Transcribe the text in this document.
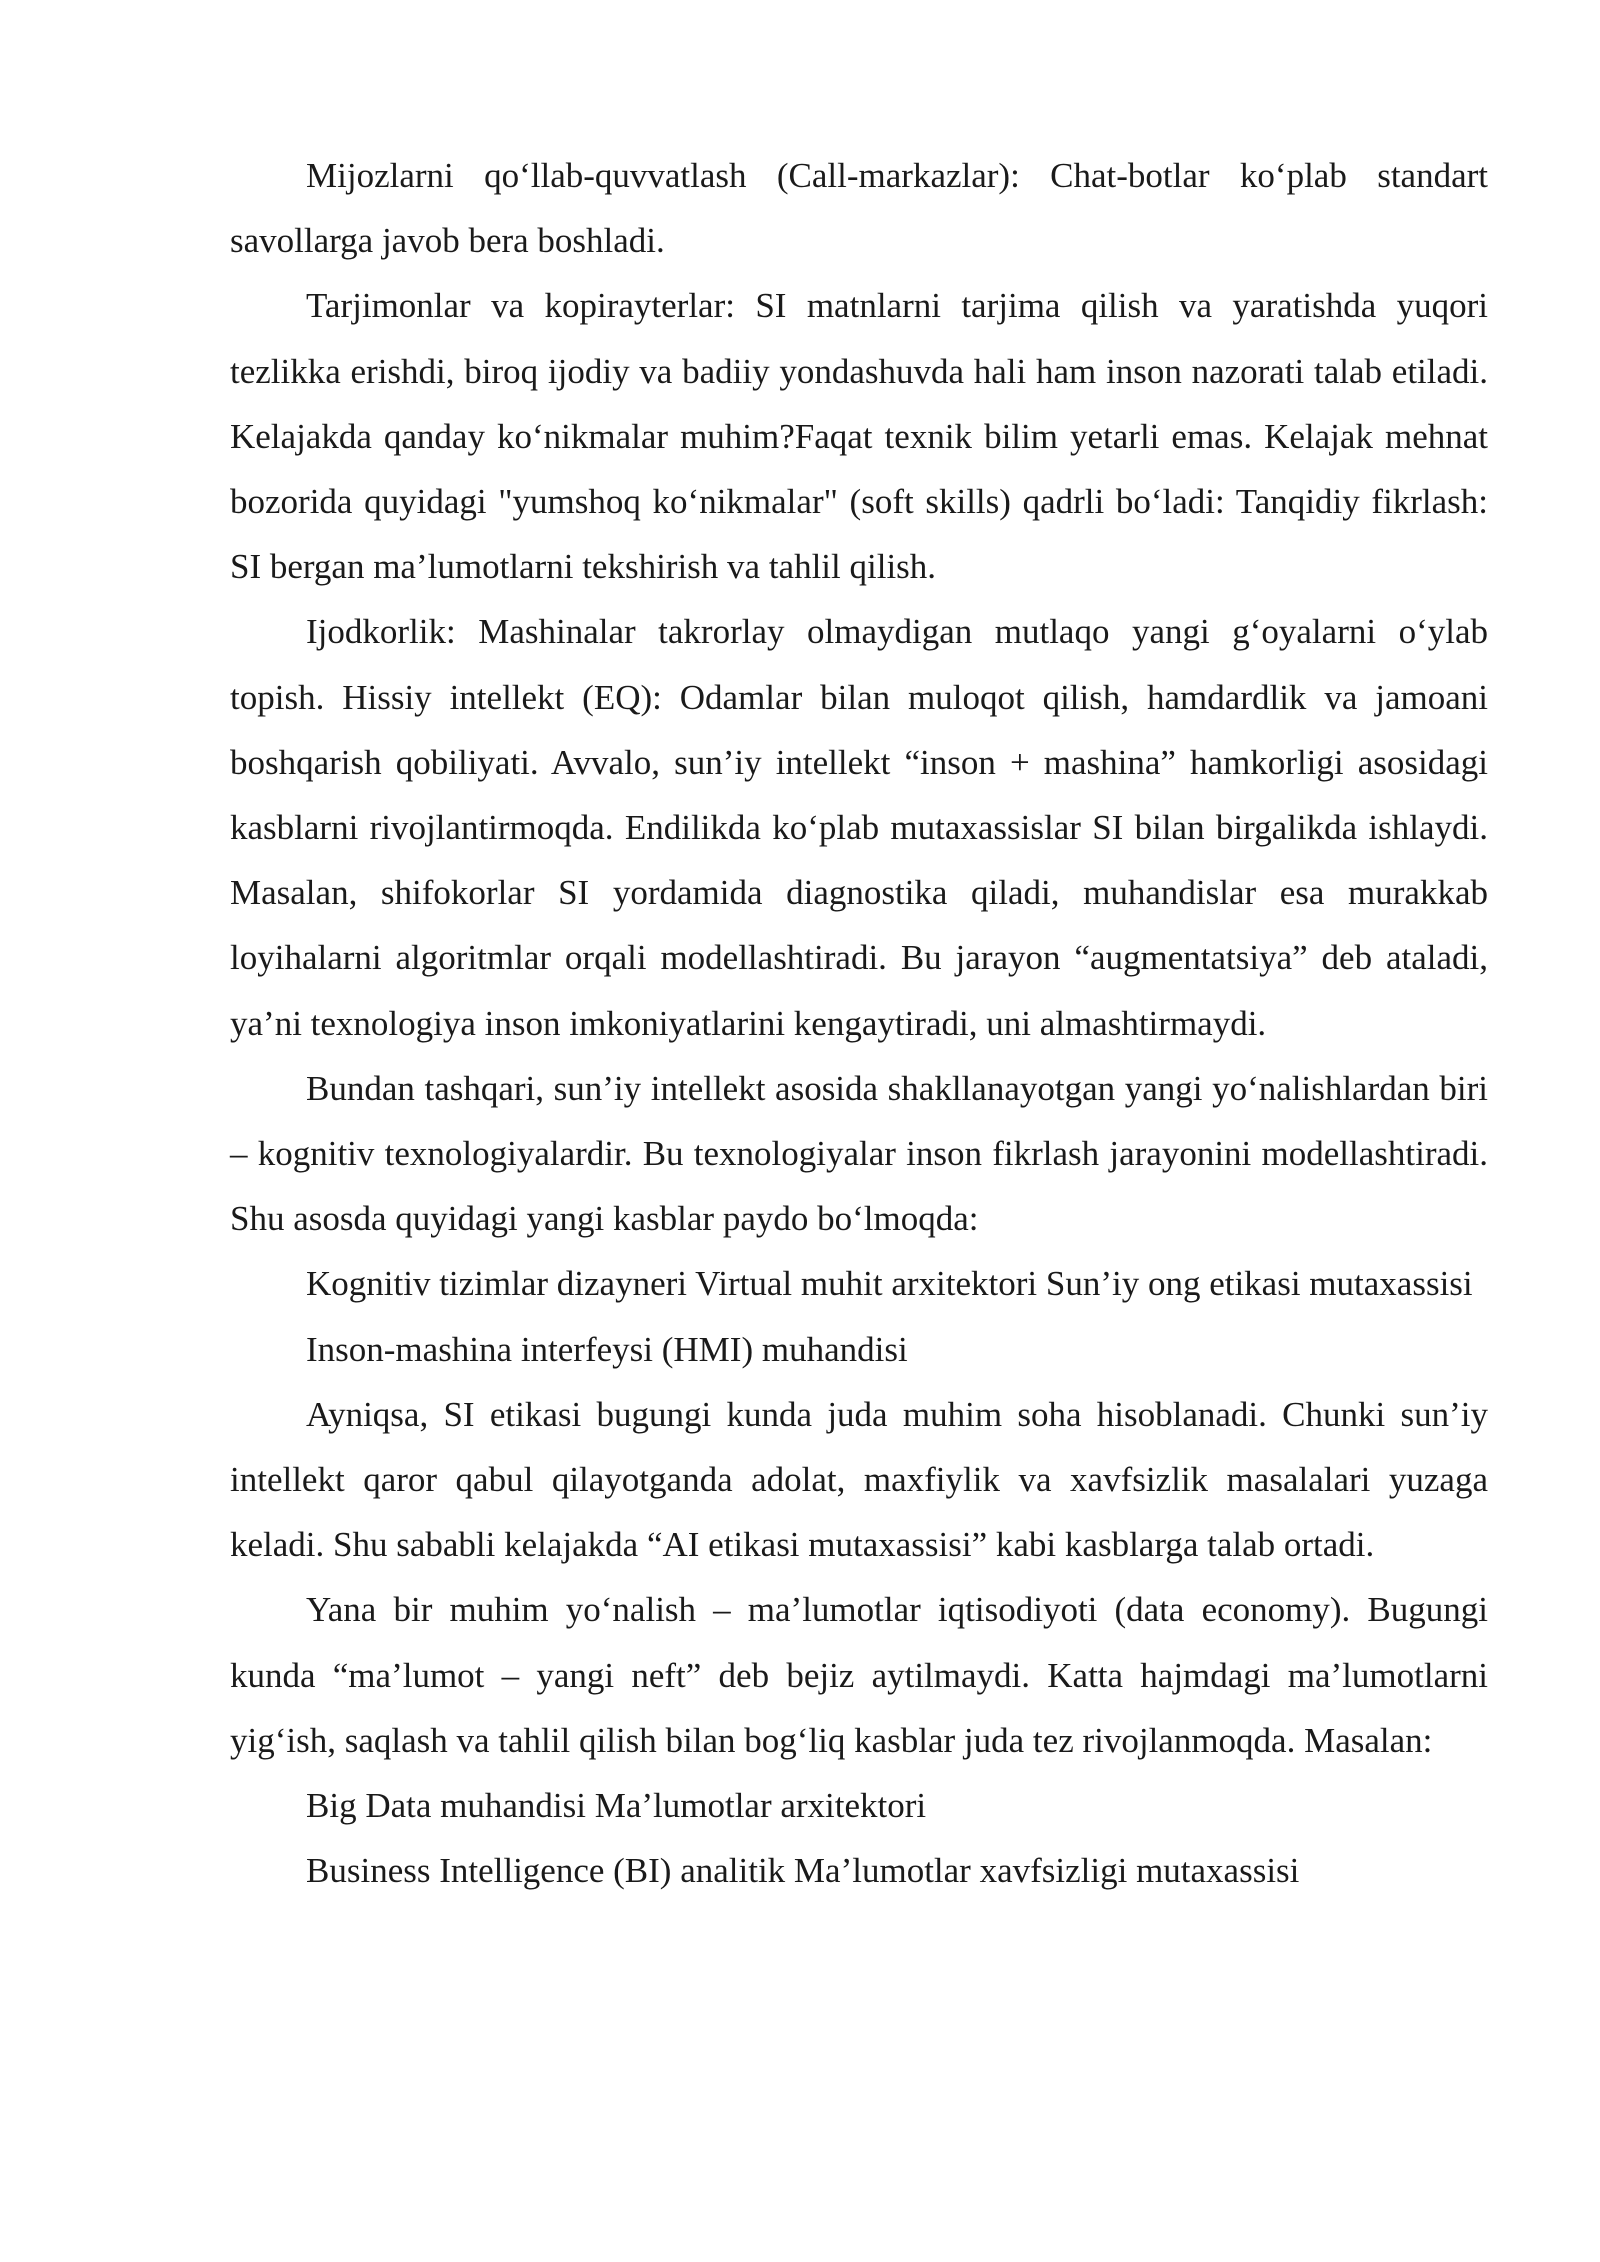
Mijozlarni qo‘llab-quvvatlash (Call-markazlar): Chat-botlar ko‘plab standart savollarga javob bera boshladi.

Tarjimonlar va kopirayterlar: SI matnlarni tarjima qilish va yaratishda yuqori tezlikka erishdi, biroq ijodiy va badiiy yondashuvda hali ham inson nazorati talab etiladi. Kelajakda qanday ko‘nikmalar muhim?Faqat texnik bilim yetarli emas. Kelajak mehnat bozorida quyidagi "yumshoq ko‘nikmalar" (soft skills) qadrli bo‘ladi: Tanqidiy fikrlash: SI bergan ma’lumotlarni tekshirish va tahlil qilish.

Ijodkorlik: Mashinalar takrorlay olmaydigan mutlaqo yangi g‘oyalarni o‘ylab topish. Hissiy intellekt (EQ): Odamlar bilan muloqot qilish, hamdardlik va jamoani boshqarish qobiliyati. Avvalo, sun’iy intellekt “inson + mashina” hamkorligi asosidagi kasblarni rivojlantirmoqda. Endilikda ko‘plab mutaxassislar SI bilan birgalikda ishlaydi. Masalan, shifokorlar SI yordamida diagnostika qiladi, muhandislar esa murakkab loyihalarni algoritmlar orqali modellashtiradi. Bu jarayon “augmentatsiya” deb ataladi, ya’ni texnologiya inson imkoniyatlarini kengaytiradi, uni almashtirmaydi.

Bundan tashqari, sun’iy intellekt asosida shakllanayotgan yangi yo‘nalishlardan biri – kognitiv texnologiyalardir. Bu texnologiyalar inson fikrlash jarayonini modellashtiradi. Shu asosda quyidagi yangi kasblar paydo bo‘lmoqda:

Kognitiv tizimlar dizayneri Virtual muhit arxitektori Sun’iy ong etikasi mutaxassisi

Inson-mashina interfeysi (HMI) muhandisi

Ayniqsa, SI etikasi bugungi kunda juda muhim soha hisoblanadi. Chunki sun’iy intellekt qaror qabul qilayotganda adolat, maxfiylik va xavfsizlik masalalari yuzaga keladi. Shu sababli kelajakda “AI etikasi mutaxassisi” kabi kasblarga talab ortadi.

Yana bir muhim yo‘nalish – ma’lumotlar iqtisodiyoti (data economy). Bugungi kunda “ma’lumot – yangi neft” deb bejiz aytilmaydi. Katta hajmdagi ma’lumotlarni yig‘ish, saqlash va tahlil qilish bilan bog‘liq kasblar juda tez rivojlanmoqda. Masalan:

Big Data muhandisi Ma’lumotlar arxitektori

Business Intelligence (BI) analitik Ma’lumotlar xavfsizligi mutaxassisi
